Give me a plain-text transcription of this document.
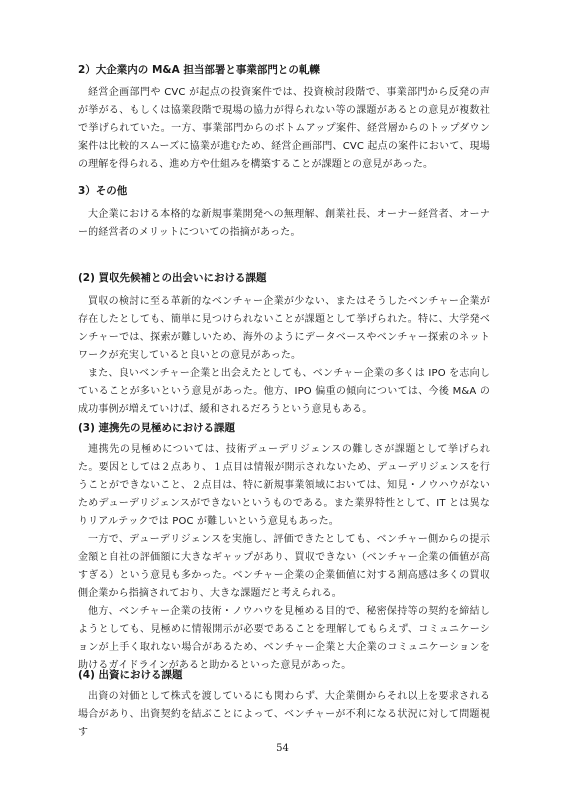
2）大企業内の M&A 担当部署と事業部門との軋轢

経営企画部門や CVC が起点の投資案件では、投資検討段階で、事業部門から反発の声が挙がる、もしくは協業段階で現場の協力が得られない等の課題があるとの意見が複数社で挙げられていた。一方、事業部門からのボトムアップ案件、経営層からのトップダウン案件は比較的スムーズに協業が進むため、経営企画部門、CVC 起点の案件において、現場の理解を得られる、進め方や仕組みを構築することが課題との意見があった。

3）その他

大企業における本格的な新規事業開発への無理解、創業社長、オーナー経営者、オーナー的経営者のメリットについての指摘があった。

(2) 買収先候補との出会いにおける課題

買収の検討に至る革新的なベンチャー企業が少ない、またはそうしたベンチャー企業が存在したとしても、簡単に見つけられないことが課題として挙げられた。特に、大学発ベンチャーでは、探索が難しいため、海外のようにデータベースやベンチャー探索のネットワークが充実していると良いとの意見があった。

また、良いベンチャー企業と出会えたとしても、ベンチャー企業の多くは IPO を志向していることが多いという意見があった。他方、IPO 偏重の傾向については、今後 M&A の成功事例が増えていけば、緩和されるだろうという意見もある。

(3) 連携先の見極めにおける課題

連携先の見極めについては、技術デューデリジェンスの難しさが課題として挙げられた。要因としては２点あり、１点目は情報が開示されないため、デューデリジェンスを行うことができないこと、２点目は、特に新規事業領域においては、知見・ノウハウがないためデューデリジェンスができないというものである。また業界特性として、IT とは異なりリアルテックでは POC が難しいという意見もあった。

一方で、デューデリジェンスを実施し、評価できたとしても、ベンチャー側からの提示金額と自社の評価額に大きなギャップがあり、買収できない（ベンチャー企業の価値が高すぎる）という意見も多かった。ベンチャー企業の企業価値に対する割高感は多くの買収側企業から指摘されており、大きな課題だと考えられる。

他方、ベンチャー企業の技術・ノウハウを見極める目的で、秘密保持等の契約を締結しようとしても、見極めに情報開示が必要であることを理解してもらえず、コミュニケーションが上手く取れない場合があるため、ベンチャー企業と大企業のコミュニケーションを助けるガイドラインがあると助かるといった意見があった。

(4) 出資における課題

出資の対価として株式を渡しているにも関わらず、大企業側からそれ以上を要求される場合があり、出資契約を結ぶことによって、ベンチャーが不利になる状況に対して問題視す

54
